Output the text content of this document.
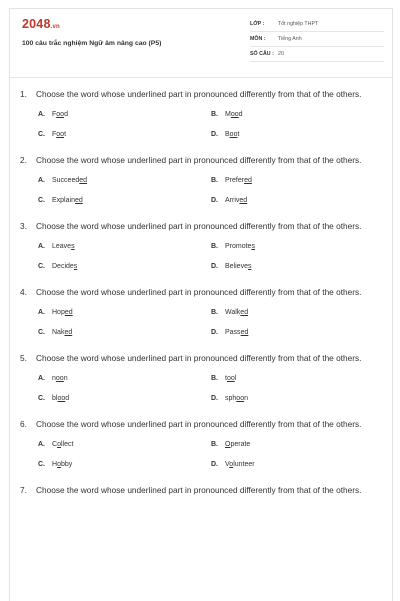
2048.vn
100 câu trắc nghiệm Ngữ âm nâng cao (P5)
LỚP :	Tốt nghiệp THPT
MÔN :	Tiếng Anh
SỐ CÂU : 20
1.	Choose the word whose underlined part in pronounced differently from that of the others.
A. Food	B. Mood
C. Foot	D. Boot
2.	Choose the word whose underlined part in pronounced differently from that of the others.
A. Succeeded	B. Prefered
C. Explained	D. Arrived
3.	Choose the word whose underlined part in pronounced differently from that of the others.
A. Leaves	B. Promotes
C. Decides	D. Believes
4.	Choose the word whose underlined part in pronounced differently from that of the others.
A. Hoped	B. Walked
C. Naked	D. Passed
5.	Choose the word whose underlined part in pronounced differently from that of the others.
A. noon	B. tool
C. blood	D. sphoon
6.	Choose the word whose underlined part in pronounced differently from that of the others.
A. Collect	B. Operate
C. Hobby	D. Volunteer
7.	Choose the word whose underlined part in pronounced differently from that of the others.
